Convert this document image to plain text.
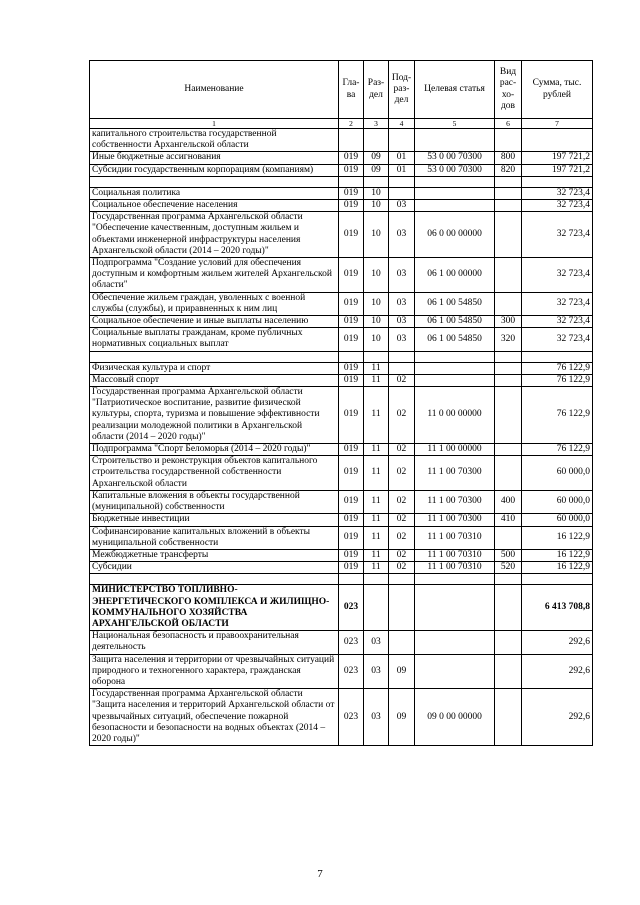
Наименование	Гла- ва	Раз- дел	Под- раз- дел	Целевая статья	Вид рас- хо- дов	Сумма, тыс. рублей
1	2	3	4	5	6	7
капитального строительства государственной собственности Архангельской области						
Иные бюджетные ассигнования	019	09	01	53 0 00 70300	800	197 721,2
Субсидии государственным корпорациям (компаниям)	019	09	01	53 0 00 70300	820	197 721,2

Социальная политика	019	10				32 723,4
Социальное обеспечение населения	019	10	03			32 723,4
Государственная программа Архангельской области "Обеспечение качественным, доступным жильем и объектами инженерной инфраструктуры населения Архангельской области (2014 – 2020 годы)"	019	10	03	06 0 00 00000		32 723,4
Подпрограмма "Создание условий для обеспечения доступным и комфортным жильем жителей Архангельской области"	019	10	03	06 1 00 00000		32 723,4
Обеспечение жильем граждан, уволенных с военной службы (службы), и приравненных к ним лиц	019	10	03	06 1 00 54850		32 723,4
Социальное обеспечение и иные выплаты населению	019	10	03	06 1 00 54850	300	32 723,4
Социальные выплаты гражданам, кроме публичных нормативных социальных выплат	019	10	03	06 1 00 54850	320	32 723,4

Физическая культура и спорт	019	11				76 122,9
Массовый спорт	019	11	02			76 122,9
Государственная программа Архангельской области "Патриотическое воспитание, развитие физической культуры, спорта, туризма и повышение эффективности реализации молодежной политики в Архангельской области (2014 – 2020 годы)"	019	11	02	11 0 00 00000		76 122,9
Подпрограмма "Спорт Беломорья (2014 – 2020 годы)"	019	11	02	11 1 00 00000		76 122,9
Строительство и реконструкция объектов капитального строительства государственной собственности Архангельской области	019	11	02	11 1 00 70300		60 000,0
Капитальные вложения в объекты государственной (муниципальной) собственности	019	11	02	11 1 00 70300	400	60 000,0
Бюджетные инвестиции	019	11	02	11 1 00 70300	410	60 000,0
Софинансирование капитальных вложений в объекты муниципальной собственности	019	11	02	11 1 00 70310		16 122,9
Межбюджетные трансферты	019	11	02	11 1 00 70310	500	16 122,9
Субсидии	019	11	02	11 1 00 70310	520	16 122,9

МИНИСТЕРСТВО ТОПЛИВНО-ЭНЕРГЕТИЧЕСКОГО КОМПЛЕКСА И ЖИЛИЩНО-КОММУНАЛЬНОГО ХОЗЯЙСТВА АРХАНГЕЛЬСКОЙ ОБЛАСТИ	023					6 413 708,8
Национальная безопасность и правоохранительная деятельность	023	03				292,6
Защита населения и территории от чрезвычайных ситуаций природного и техногенного характера, гражданская оборона	023	03	09			292,6
Государственная программа Архангельской области "Защита населения и территорий Архангельской области от чрезвычайных ситуаций, обеспечение пожарной безопасности и безопасности на водных объектах (2014 – 2020 годы)"	023	03	09	09 0 00 00000		292,6
7
